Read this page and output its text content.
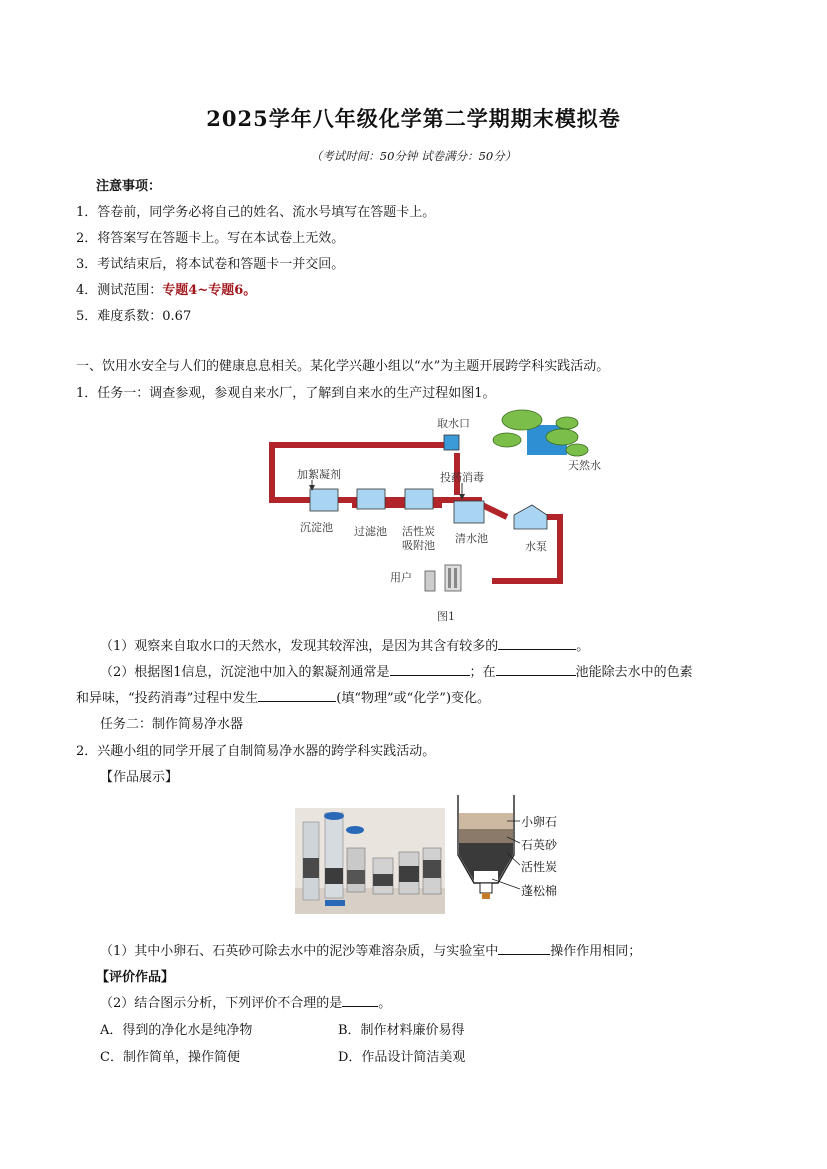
2025学年八年级化学第二学期期末模拟卷
（考试时间：50分钟 试卷满分：50分）
注意事项：
1．答卷前，同学务必将自己的姓名、流水号填写在答题卡上。
2．将答案写在答题卡上。写在本试卷上无效。
3．考试结束后，将本试卷和答题卡一并交回。
4．测试范围：专题4~专题6。
5．难度系数：0.67
一、饮用水安全与人们的健康息息相关。某化学兴趣小组以“水”为主题开展跨学科实践活动。
1．任务一：调查参观，参观自来水厂，了解到自来水的生产过程如图1。
取水口
天然水
加絮凝剂	投药消毒
沉淀池 过滤池 活性炭
吸附池
清水池
水泵
用户
图1
（1）观察来自取水口的天然水，发现其较浑浊，是因为其含有较多的	。
（2）根据图1信息，沉淀池中加入的絮凝剂通常是	；在	池能除去水中的色素
和异味，“投药消毒”过程中发生	(填“物理”或“化学”)变化。
任务二：制作简易净水器
2．兴趣小组的同学开展了自制简易净水器的跨学科实践活动。
【作品展示】
小卵石
石英砂
活性炭
蓬松棉
（1）其中小卵石、石英砂可除去水中的泥沙等难溶杂质，与实验室中	操作作用相同；
【评价作品】
（2）结合图示分析，下列评价不合理的是	。
A．得到的净化水是纯净物	B．制作材料廉价易得
C．制作简单，操作简便	D．作品设计简洁美观
